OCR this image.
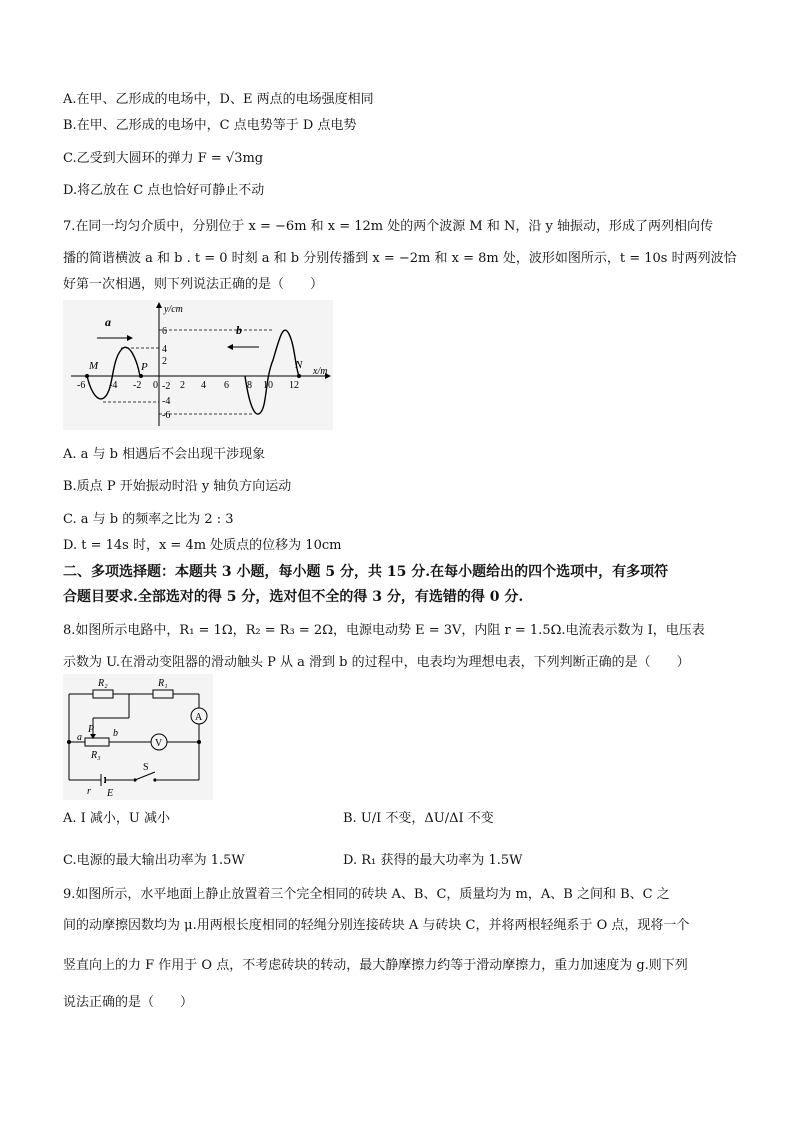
A.在甲、乙形成的电场中，D、E 两点的电场强度相同
B.在甲、乙形成的电场中，C 点电势等于 D 点电势
C.乙受到大圆环的弹力 F = √3mg
D.将乙放在 C 点也恰好可静止不动
7.在同一均匀介质中，分别位于 x = −6m 和 x = 12m 处的两个波源 M 和 N，沿 y 轴振动，形成了两列相向传
播的简谐横波 a 和 b . t = 0 时刻 a 和 b 分别传播到 x = −2m 和 x = 8m 处，波形如图所示，t = 10s 时两列波恰
好第一次相遇，则下列说法正确的是（　　）
y/cm
x/m
6
4
2
-2
-4
-6
-6 -4 -2 0 2 4 6 8 10 12
M	P	N
a
b
A. a 与 b 相遇后不会出现干涉现象
B.质点 P 开始振动时沿 y 轴负方向运动
C. a 与 b 的频率之比为 2 : 3
D. t = 14s 时，x = 4m 处质点的位移为 10cm
二、多项选择题：本题共 3 小题，每小题 5 分，共 15 分.在每小题给出的四个选项中，有多项符
合题目要求.全部选对的得 5 分，选对但不全的得 3 分，有选错的得 0 分.
8.如图所示电路中，R₁ = 1Ω，R₂ = R₃ = 2Ω，电源电动势 E = 3V，内阻 r = 1.5Ω.电流表示数为 I，电压表
示数为 U.在滑动变阻器的滑动触头 P 从 a 滑到 b 的过程中，电表均为理想电表，下列判断正确的是（　　）
R₂	R₁
A
P
a	b
R₃
V
r E
S
A. I 减小，U 减小	B. U/I 不变，ΔU/ΔI 不变
C.电源的最大输出功率为 1.5W	D. R₁ 获得的最大功率为 1.5W
9.如图所示，水平地面上静止放置着三个完全相同的砖块 A、B、C，质量均为 m，A、B 之间和 B、C 之
间的动摩擦因数均为 μ.用两根长度相同的轻绳分别连接砖块 A 与砖块 C，并将两根轻绳系于 O 点，现将一个
竖直向上的力 F 作用于 O 点，不考虑砖块的转动，最大静摩擦力约等于滑动摩擦力，重力加速度为 g.则下列
说法正确的是（　　）
